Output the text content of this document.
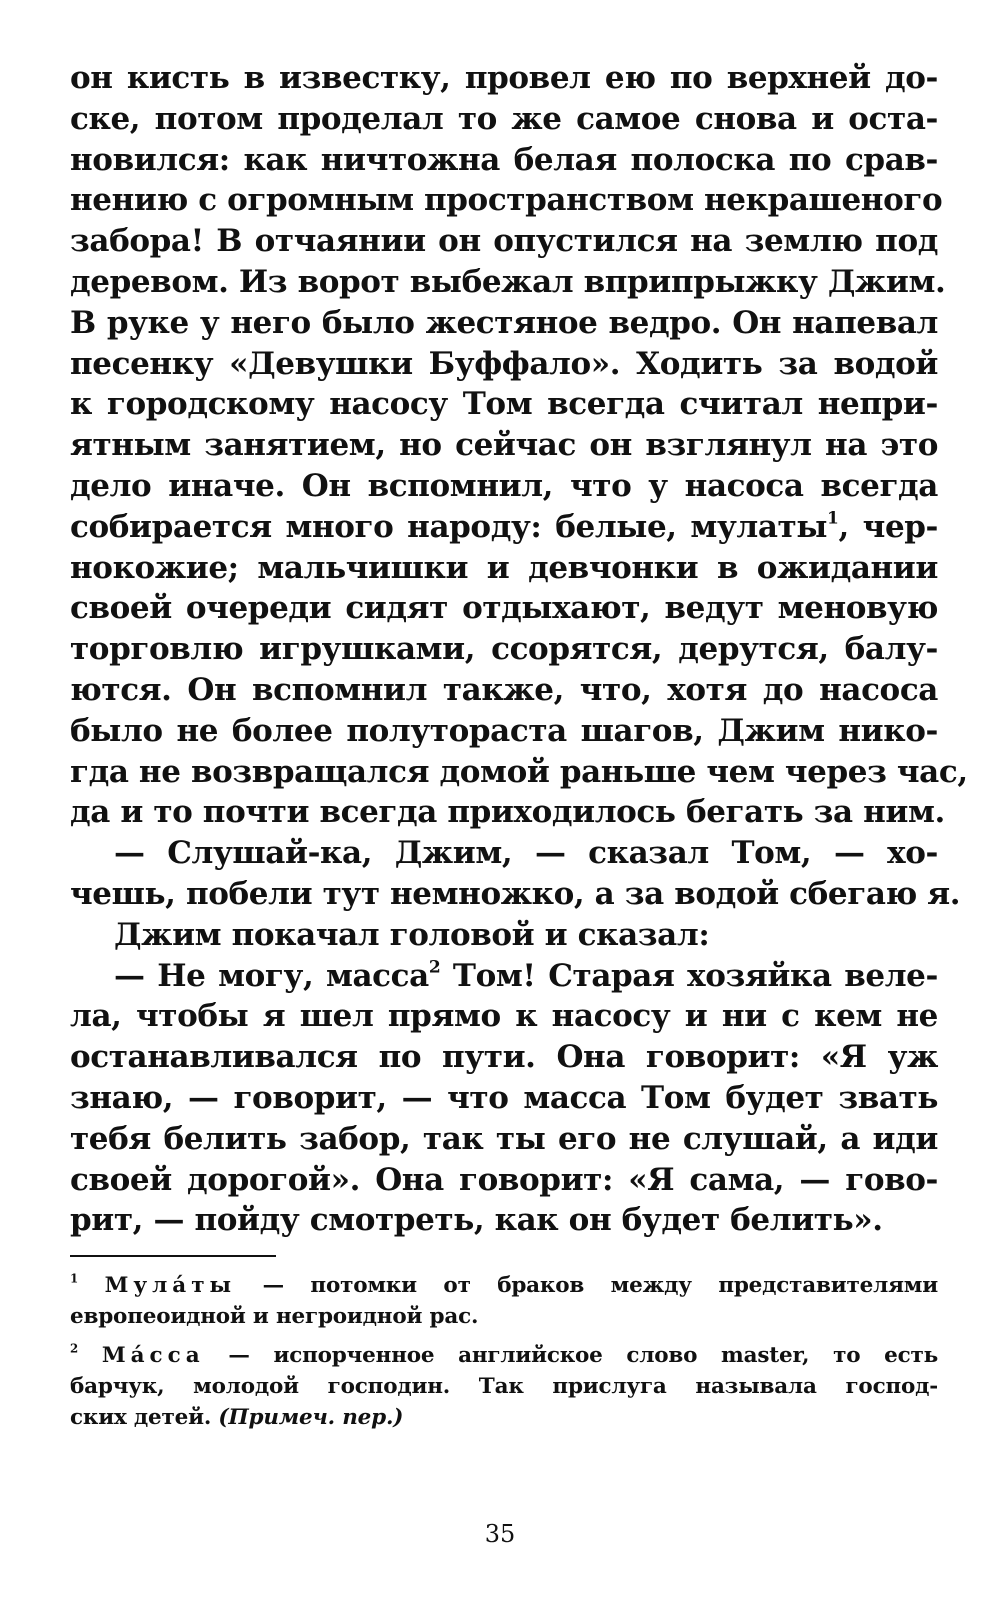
он кисть в известку, провел ею по верхней до-
ске, потом проделал то же самое снова и оста-
новился: как ничтожна белая полоска по срав-
нению с огромным пространством некрашеного
забора! В отчаянии он опустился на землю под
деревом. Из ворот выбежал вприпрыжку Джим.
В руке у него было жестяное ведро. Он напевал
песенку «Девушки Буффало». Ходить за водой
к городскому насосу Том всегда считал непри-
ятным занятием, но сейчас он взглянул на это
дело иначе. Он вспомнил, что у насоса всегда
собирается много народу: белые, мулаты$^1$, чер-
нокожие; мальчишки и девчонки в ожидании
своей очереди сидят отдыхают, ведут меновую
торговлю игрушками, ссорятся, дерутся, балу-
ются. Он вспомнил также, что, хотя до насоса
было не более полутораста шагов, Джим нико-
гда не возвращался домой раньше чем через час,
да и то почти всегда приходилось бегать за ним.
— Слушай-ка, Джим, — сказал Том, — хо-
чешь, побели тут немножко, а за водой сбегаю я.
Джим покачал головой и сказал:
— Не могу, масса$^2$ Том! Старая хозяйка веле-
ла, чтобы я шел прямо к насосу и ни с кем не
останавливался по пути. Она говорит: «Я уж
знаю, — говорит, — что масса Том будет звать
тебя белить забор, так ты его не слушай, а иди
своей дорогой». Она говорит: «Я сама, — гово-
рит, — пойду смотреть, как он будет белить».
$^1$ Мулáты — потомки от браков между представителями
европеоидной и негроидной рас.
$^2$ Мáсса — испорченное английское слово master, то есть
барчук, молодой господин. Так прислуга называла господ-
ских детей. (Примеч. пер.)
35
